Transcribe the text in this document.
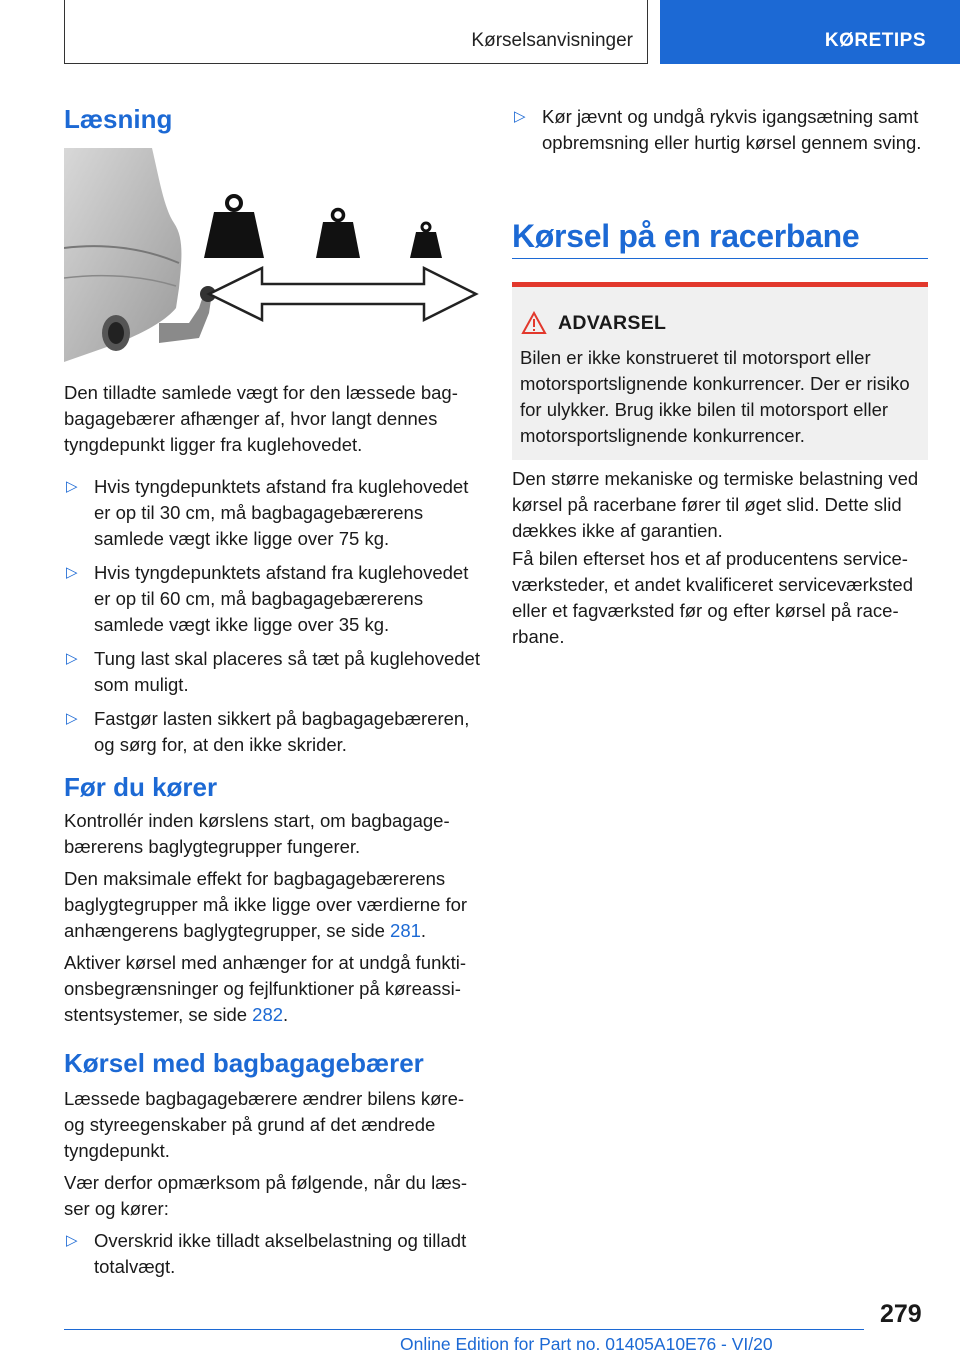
Kørselsanvisninger	KØRETIPS
Læsning

Den tilladte samlede vægt for den læssede bagbagagebærer afhænger af, hvor langt dennes tyngdepunkt ligger fra kuglehovedet.

▷ Hvis tyngdepunktets afstand fra kuglehovedet er op til 30 cm, må bagbagagebærerens samlede vægt ikke ligge over 75 kg.
▷ Hvis tyngdepunktets afstand fra kuglehovedet er op til 60 cm, må bagbagagebærerens samlede vægt ikke ligge over 35 kg.
▷ Tung last skal placeres så tæt på kuglehovedet som muligt.
▷ Fastgør lasten sikkert på bagbagagebæreren, og sørg for, at den ikke skrider.
Før du kører

Kontrollér inden kørslens start, om bagbagagebærerens baglygtegrupper fungerer.

Den maksimale effekt for bagbagagebærerens baglygtegrupper må ikke ligge over værdierne for anhængerens baglygtegrupper, se side 281.

Aktiver kørsel med anhænger for at undgå funktionsbegrænsninger og fejlfunktioner på køreassistentsystemer, se side 282.

Kørsel med bagbagagebærer

Læssede bagbagagebærere ændrer bilens køre- og styreegenskaber på grund af det ændrede tyngdepunkt.

Vær derfor opmærksom på følgende, når du læsser og kører:

▷ Overskrid ikke tilladt akselbelastning og tilladt totalvægt.
▷ Kør jævnt og undgå rykvis igangsætning samt opbremsning eller hurtig kørsel gennem sving.
Kørsel på en racerbane
ADVARSEL
Bilen er ikke konstrueret til motorsport eller motorsportslignende konkurrencer. Der er risiko for ulykker. Brug ikke bilen til motorsport eller motorsportslignende konkurrencer.

Den større mekaniske og termiske belastning ved kørsel på racerbane fører til øget slid. Dette slid dækkes ikke af garantien.

Få bilen efterset hos et af producentens serviceværksteder, et andet kvalificeret serviceværksted eller et fagværksted før og efter kørsel på racerbane.

279
Online Edition for Part no. 01405A10E76 - VI/20
